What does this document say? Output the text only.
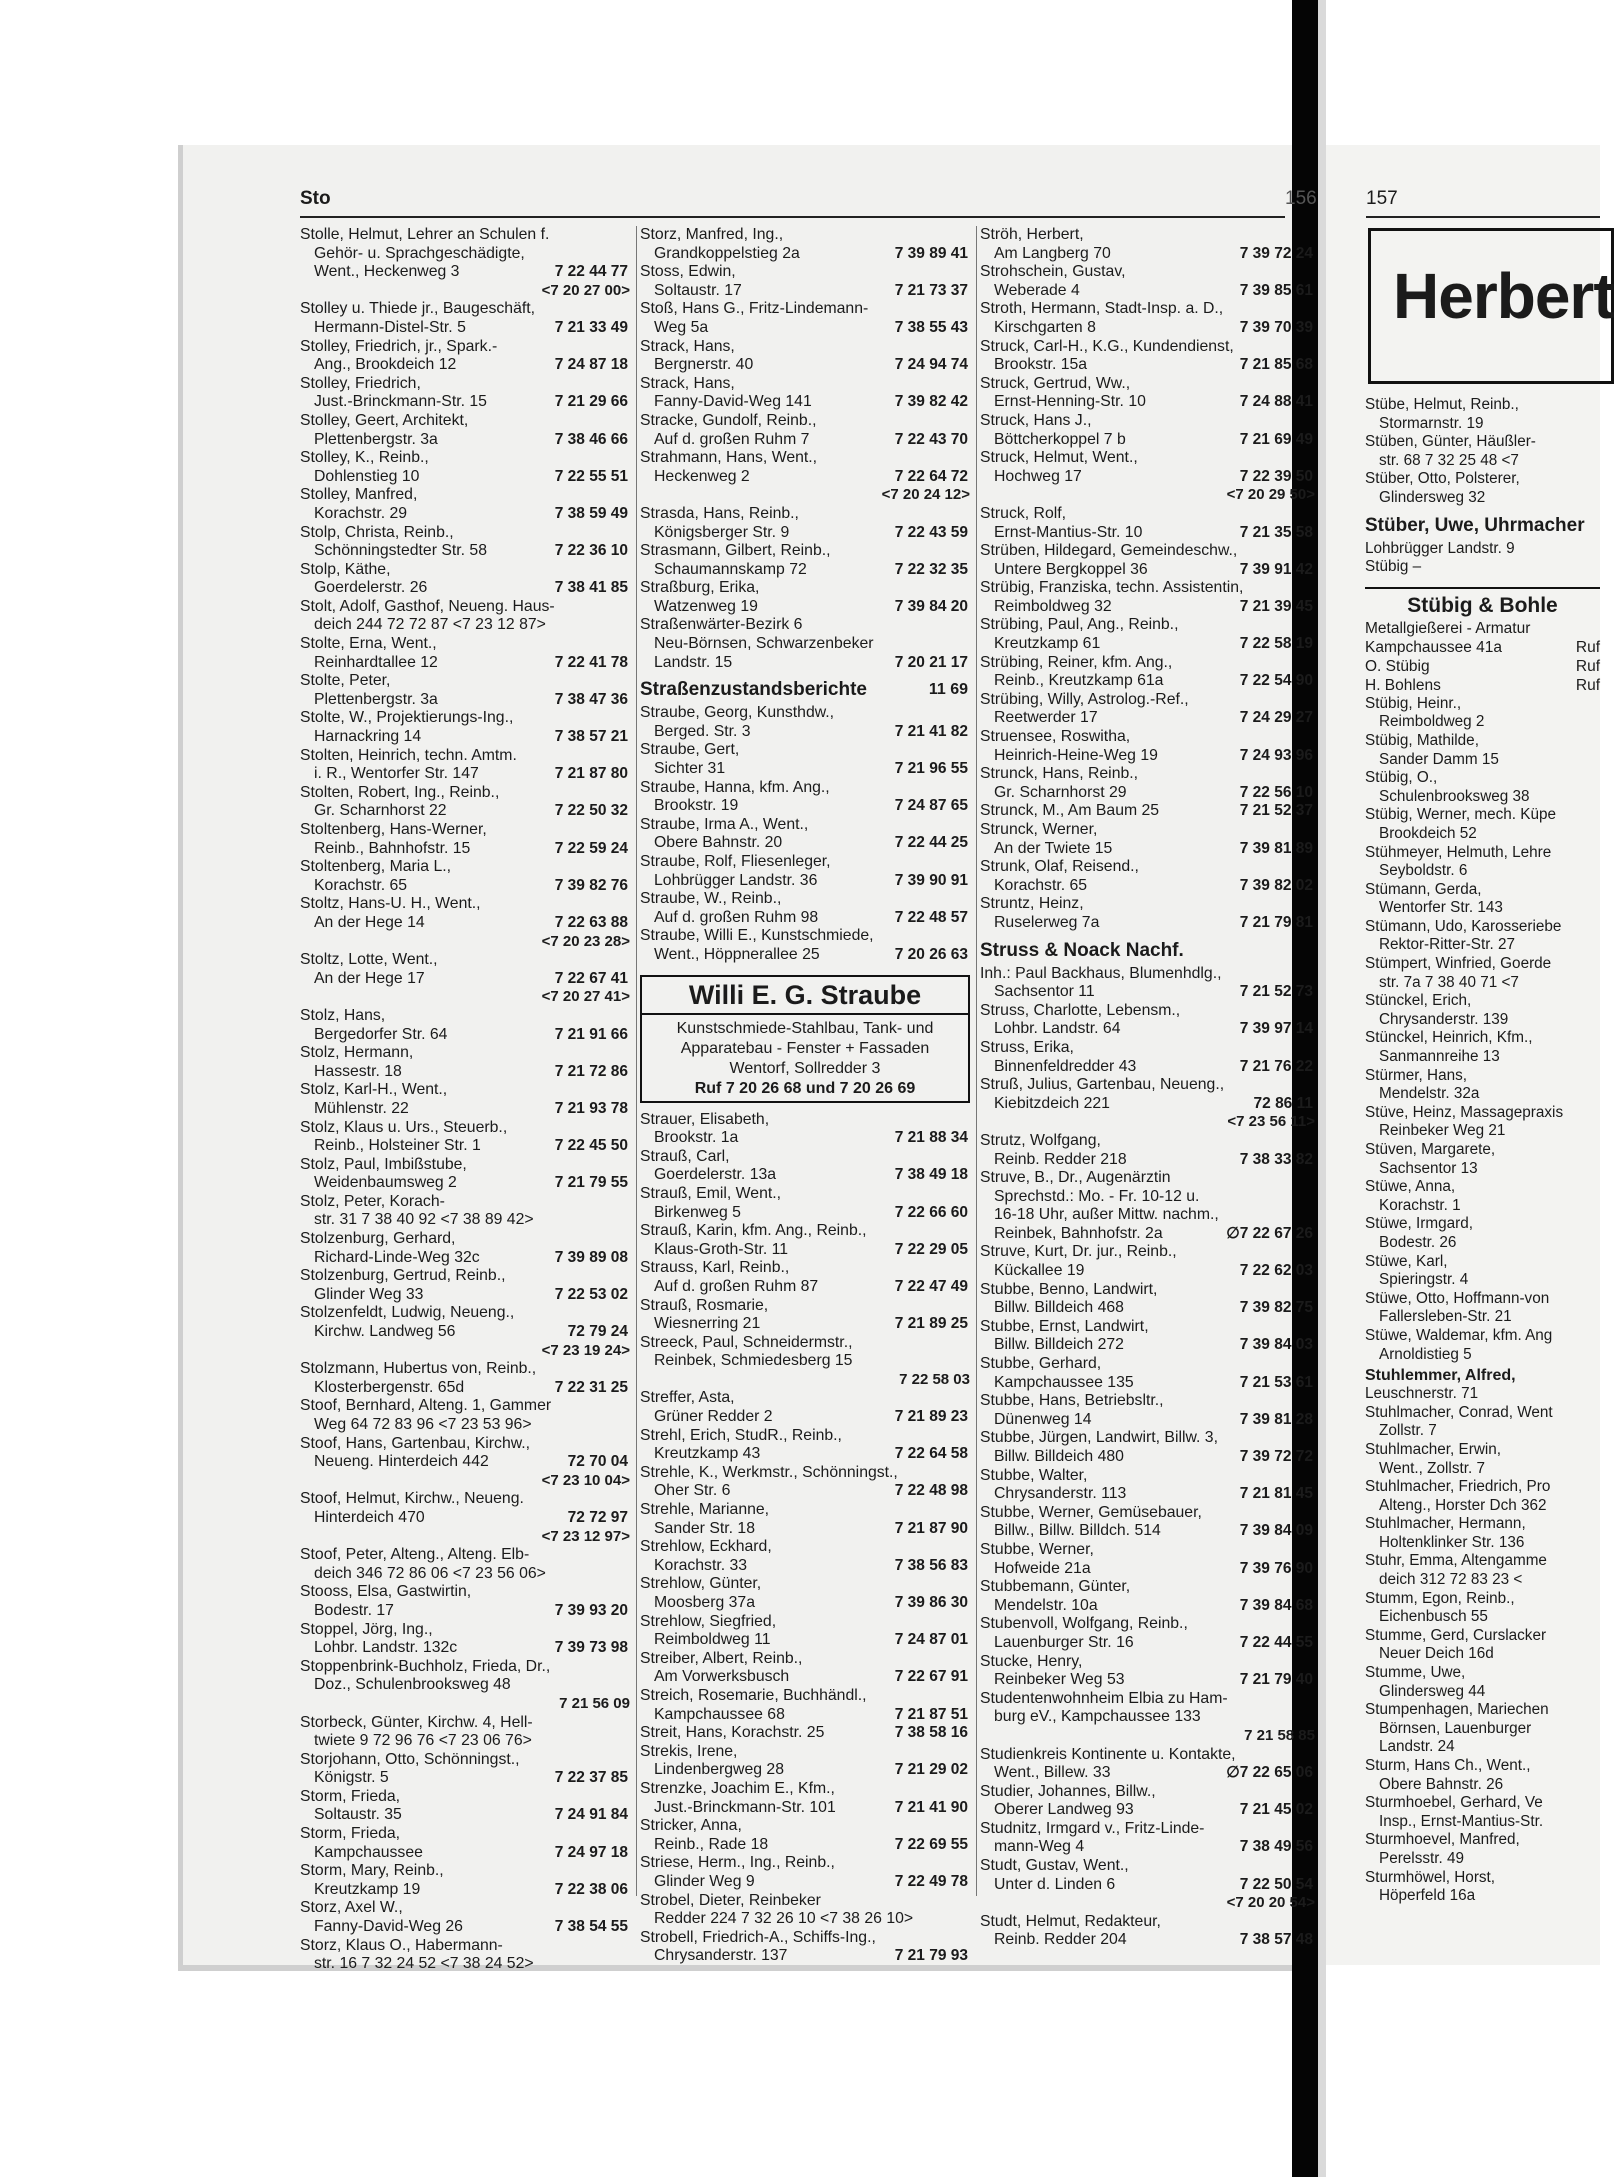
Sto	156	157
Stolle, Helmut, Lehrer an Schulen f.
Gehör- u. Sprachgeschädigte,
Went., Heckenweg 3	7 22 44 77
<7 20 27 00>
Stolley u. Thiede jr., Baugeschäft,
Hermann-Distel-Str. 5	7 21 33 49
Stolley, Friedrich, jr., Spark.-
Ang., Brookdeich 12	7 24 87 18
Stolley, Friedrich,
Just.-Brinckmann-Str. 15	7 21 29 66
Stolley, Geert, Architekt,
Plettenbergstr. 3a	7 38 46 66
Stolley, K., Reinb.,
Dohlenstieg 10	7 22 55 51
Stolley, Manfred,
Korachstr. 29	7 38 59 49
Stolp, Christa, Reinb.,
Schönningstedter Str. 58	7 22 36 10
Stolp, Käthe,
Goerdelerstr. 26	7 38 41 85
Stolt, Adolf, Gasthof, Neueng. Haus-
deich 244 72 72 87 <7 23 12 87>
Stolte, Erna, Went.,
Reinhardtallee 12	7 22 41 78
Stolte, Peter,
Plettenbergstr. 3a	7 38 47 36
Stolte, W., Projektierungs-Ing.,
Harnackring 14	7 38 57 21
Stolten, Heinrich, techn. Amtm.
i. R., Wentorfer Str. 147	7 21 87 80
Stolten, Robert, Ing., Reinb.,
Gr. Scharnhorst 22	7 22 50 32
Stoltenberg, Hans-Werner,
Reinb., Bahnhofstr. 15	7 22 59 24
Stoltenberg, Maria L.,
Korachstr. 65	7 39 82 76
Stoltz, Hans-U. H., Went.,
An der Hege 14	7 22 63 88
<7 20 23 28>
Stoltz, Lotte, Went.,
An der Hege 17	7 22 67 41
<7 20 27 41>
Stolz, Hans,
Bergedorfer Str. 64	7 21 91 66
Stolz, Hermann,
Hassestr. 18	7 21 72 86
Stolz, Karl-H., Went.,
Mühlenstr. 22	7 21 93 78
Stolz, Klaus u. Urs., Steuerb.,
Reinb., Holsteiner Str. 1	7 22 45 50
Stolz, Paul, Imbißstube,
Weidenbaumsweg 2	7 21 79 55
Stolz, Peter, Korach-
str. 31 7 38 40 92 <7 38 89 42>
Stolzenburg, Gerhard,
Richard-Linde-Weg 32c	7 39 89 08
Stolzenburg, Gertrud, Reinb.,
Glinder Weg 33	7 22 53 02
Stolzenfeldt, Ludwig, Neueng.,
Kirchw. Landweg 56	72 79 24
<7 23 19 24>
Stolzmann, Hubertus von, Reinb.,
Klosterbergenstr. 65d	7 22 31 25
Stoof, Bernhard, Alteng. 1, Gammer
Weg 64 72 83 96 <7 23 53 96>
Stoof, Hans, Gartenbau, Kirchw.,
Neueng. Hinterdeich 442	72 70 04
<7 23 10 04>
Stoof, Helmut, Kirchw., Neueng.
Hinterdeich 470	72 72 97
<7 23 12 97>
Stoof, Peter, Alteng., Alteng. Elb-
deich 346 72 86 06 <7 23 56 06>
Stooss, Elsa, Gastwirtin,
Bodestr. 17	7 39 93 20
Stoppel, Jörg, Ing.,
Lohbr. Landstr. 132c	7 39 73 98
Stoppenbrink-Buchholz, Frieda, Dr.,
Doz., Schulenbrooksweg 48
7 21 56 09
Storbeck, Günter, Kirchw. 4, Hell-
twiete 9 72 96 76 <7 23 06 76>
Storjohann, Otto, Schönningst.,
Königstr. 5	7 22 37 85
Storm, Frieda,
Soltaustr. 35	7 24 91 84
Storm, Frieda,
Kampchaussee	7 24 97 18
Storm, Mary, Reinb.,
Kreutzkamp 19	7 22 38 06
Storz, Axel W.,
Fanny-David-Weg 26	7 38 54 55
Storz, Klaus O., Habermann-
str. 16 7 32 24 52 <7 38 24 52>
Storz, Manfred, Ing.,
Grandkoppelstieg 2a	7 39 89 41
Stoss, Edwin,
Soltaustr. 17	7 21 73 37
Stoß, Hans G., Fritz-Lindemann-
Weg 5a	7 38 55 43
Strack, Hans,
Bergnerstr. 40	7 24 94 74
Strack, Hans,
Fanny-David-Weg 141	7 39 82 42
Stracke, Gundolf, Reinb.,
Auf d. großen Ruhm 7	7 22 43 70
Strahmann, Hans, Went.,
Heckenweg 2	7 22 64 72
<7 20 24 12>
Strasda, Hans, Reinb.,
Königsberger Str. 9	7 22 43 59
Strasmann, Gilbert, Reinb.,
Schaumannskamp 72	7 22 32 35
Straßburg, Erika,
Watzenweg 19	7 39 84 20
Straßenwärter-Bezirk 6
Neu-Börnsen, Schwarzenbeker
Landstr. 15	7 20 21 17
Straßenzustandsberichte	11 69
Straube, Georg, Kunsthdw.,
Berged. Str. 3	7 21 41 82
Straube, Gert,
Sichter 31	7 21 96 55
Straube, Hanna, kfm. Ang.,
Brookstr. 19	7 24 87 65
Straube, Irma A., Went.,
Obere Bahnstr. 20	7 22 44 25
Straube, Rolf, Fliesenleger,
Lohbrügger Landstr. 36	7 39 90 91
Straube, W., Reinb.,
Auf d. großen Ruhm 98	7 22 48 57
Straube, Willi E., Kunstschmiede,
Went., Höppnerallee 25	7 20 26 63
Willi E. G. Straube
Kunstschmiede-Stahlbau, Tank- und
Apparatebau - Fenster + Fassaden
Wentorf, Sollredder 3
Ruf 7 20 26 68 und 7 20 26 69
Strauer, Elisabeth,
Brookstr. 1a	7 21 88 34
Strauß, Carl,
Goerdelerstr. 13a	7 38 49 18
Strauß, Emil, Went.,
Birkenweg 5	7 22 66 60
Strauß, Karin, kfm. Ang., Reinb.,
Klaus-Groth-Str. 11	7 22 29 05
Strauss, Karl, Reinb.,
Auf d. großen Ruhm 87	7 22 47 49
Strauß, Rosmarie,
Wiesnerring 21	7 21 89 25
Streeck, Paul, Schneidermstr.,
Reinbek, Schmiedesberg 15
7 22 58 03
Streffer, Asta,
Grüner Redder 2	7 21 89 23
Strehl, Erich, StudR., Reinb.,
Kreutzkamp 43	7 22 64 58
Strehle, K., Werkmstr., Schönningst.,
Oher Str. 6	7 22 48 98
Strehle, Marianne,
Sander Str. 18	7 21 87 90
Strehlow, Eckhard,
Korachstr. 33	7 38 56 83
Strehlow, Günter,
Moosberg 37a	7 39 86 30
Strehlow, Siegfried,
Reimboldweg 11	7 24 87 01
Streiber, Albert, Reinb.,
Am Vorwerksbusch	7 22 67 91
Streich, Rosemarie, Buchhändl.,
Kampchaussee 68	7 21 87 51
Streit, Hans, Korachstr. 25	7 38 58 16
Strekis, Irene,
Lindenbergweg 28	7 21 29 02
Strenzke, Joachim E., Kfm.,
Just.-Brinckmann-Str. 101	7 21 41 90
Stricker, Anna,
Reinb., Rade 18	7 22 69 55
Striese, Herm., Ing., Reinb.,
Glinder Weg 9	7 22 49 78
Strobel, Dieter, Reinbeker
Redder 224 7 32 26 10 <7 38 26 10>
Strobell, Friedrich-A., Schiffs-Ing.,
Chrysanderstr. 137	7 21 79 93
Ströh, Herbert,
Am Langberg 70	7 39 72 24
Strohschein, Gustav,
Weberade 4	7 39 85 61
Stroth, Hermann, Stadt-Insp. a. D.,
Kirschgarten 8	7 39 70 39
Struck, Carl-H., K.G., Kundendienst,
Brookstr. 15a	7 21 85 68
Struck, Gertrud, Ww.,
Ernst-Henning-Str. 10	7 24 88 41
Struck, Hans J.,
Böttcherkoppel 7 b	7 21 69 49
Struck, Helmut, Went.,
Hochweg 17	7 22 39 50
<7 20 29 50>
Struck, Rolf,
Ernst-Mantius-Str. 10	7 21 35 58
Strüben, Hildegard, Gemeindeschw.,
Untere Bergkoppel 36	7 39 91 42
Strübig, Franziska, techn. Assistentin,
Reimboldweg 32	7 21 39 45
Strübing, Paul, Ang., Reinb.,
Kreutzkamp 61	7 22 58 19
Strübing, Reiner, kfm. Ang.,
Reinb., Kreutzkamp 61a	7 22 54 90
Strübing, Willy, Astrolog.-Ref.,
Reetwerder 17	7 24 29 27
Struensee, Roswitha,
Heinrich-Heine-Weg 19	7 24 93 96
Strunck, Hans, Reinb.,
Gr. Scharnhorst 29	7 22 56 10
Strunck, M., Am Baum 25	7 21 52 37
Strunck, Werner,
An der Twiete 15	7 39 81 89
Strunk, Olaf, Reisend.,
Korachstr. 65	7 39 82 02
Struntz, Heinz,
Ruselerweg 7a	7 21 79 81
Struss & Noack Nachf.
Inh.: Paul Backhaus, Blumenhdlg.,
Sachsentor 11	7 21 52 73
Struss, Charlotte, Lebensm.,
Lohbr. Landstr. 64	7 39 97 14
Struss, Erika,
Binnenfeldredder 43	7 21 76 22
Struß, Julius, Gartenbau, Neueng.,
Kiebitzdeich 221	72 86 11
<7 23 56 11>
Strutz, Wolfgang,
Reinb. Redder 218	7 38 33 82
Struve, B., Dr., Augenärztin
Sprechstd.: Mo. - Fr. 10-12 u.
16-18 Uhr, außer Mittw. nachm.,
Reinbek, Bahnhofstr. 2a	∅7 22 67 26
Struve, Kurt, Dr. jur., Reinb.,
Kückallee 19	7 22 62 03
Stubbe, Benno, Landwirt,
Billw. Billdeich 468	7 39 82 75
Stubbe, Ernst, Landwirt,
Billw. Billdeich 272	7 39 84 03
Stubbe, Gerhard,
Kampchaussee 135	7 21 53 61
Stubbe, Hans, Betriebsltr.,
Dünenweg 14	7 39 81 28
Stubbe, Jürgen, Landwirt, Billw. 3,
Billw. Billdeich 480	7 39 72 72
Stubbe, Walter,
Chrysanderstr. 113	7 21 81 45
Stubbe, Werner, Gemüsebauer,
Billw., Billw. Billdch. 514	7 39 84 09
Stubbe, Werner,
Hofweide 21a	7 39 76 90
Stubbemann, Günter,
Mendelstr. 10a	7 39 84 68
Stubenvoll, Wolfgang, Reinb.,
Lauenburger Str. 16	7 22 44 55
Stucke, Henry,
Reinbeker Weg 53	7 21 79 40
Studentenwohnheim Elbia zu Ham-
burg eV., Kampchaussee 133
7 21 58 85
Studienkreis Kontinente u. Kontakte,
Went., Billew. 33	∅7 22 65 06
Studier, Johannes, Billw.,
Oberer Landweg 93	7 21 45 02
Studnitz, Irmgard v., Fritz-Linde-
mann-Weg 4	7 38 49 56
Studt, Gustav, Went.,
Unter d. Linden 6	7 22 50 54
<7 20 20 54>
Studt, Helmut, Redakteur,
Reinb. Redder 204	7 38 57 48
Herbert
Stübe, Helmut, Reinb.,
Stormarnstr. 19
Stüben, Günter, Häußler-
str. 68 7 32 25 48 <7
Stüber, Otto, Polsterer,
Glindersweg 32
Stüber, Uwe, Uhrmacher
Lohbrügger Landstr. 9
Stübig –
Stübig & Bohle
Metallgießerei - Armatur
Kampchaussee 41a	Ruf
O. Stübig	Ruf
H. Bohlens	Ruf
Stübig, Heinr.,
Reimboldweg 2
Stübig, Mathilde,
Sander Damm 15
Stübig, O.,
Schulenbrooksweg 38
Stübig, Werner, mech. Küpe
Brookdeich 52
Stühmeyer, Helmuth, Lehre
Seyboldstr. 6
Stümann, Gerda,
Wentorfer Str. 143
Stümann, Udo, Karosseriebe
Rektor-Ritter-Str. 27
Stümpert, Winfried, Goerde
str. 7a 7 38 40 71 <7
Stünckel, Erich,
Chrysanderstr. 139
Stünckel, Heinrich, Kfm.,
Sanmannreihe 13
Stürmer, Hans,
Mendelstr. 32a
Stüve, Heinz, Massagepraxis
Reinbeker Weg 21
Stüven, Margarete,
Sachsentor 13
Stüwe, Anna,
Korachstr. 1
Stüwe, Irmgard,
Bodestr. 26
Stüwe, Karl,
Spieringstr. 4
Stüwe, Otto, Hoffmann-von
Fallersleben-Str. 21
Stüwe, Waldemar, kfm. Ang
Arnoldistieg 5
Stuhlemmer, Alfred,
Leuschnerstr. 71
Stuhlmacher, Conrad, Went
Zollstr. 7
Stuhlmacher, Erwin,
Went., Zollstr. 7
Stuhlmacher, Friedrich, Pro
Alteng., Horster Dch 362
Stuhlmacher, Hermann,
Holtenklinker Str. 136
Stuhr, Emma, Altengamme
deich 312 72 83 23 <
Stumm, Egon, Reinb.,
Eichenbusch 55
Stumme, Gerd, Curslacker
Neuer Deich 16d
Stumme, Uwe,
Glindersweg 44
Stumpenhagen, Mariechen
Börnsen, Lauenburger
Landstr. 24
Sturm, Hans Ch., Went.,
Obere Bahnstr. 26
Sturmhoebel, Gerhard, Ve
Insp., Ernst-Mantius-Str.
Sturmhoevel, Manfred,
Perelsstr. 49
Sturmhöwel, Horst,
Höperfeld 16a
